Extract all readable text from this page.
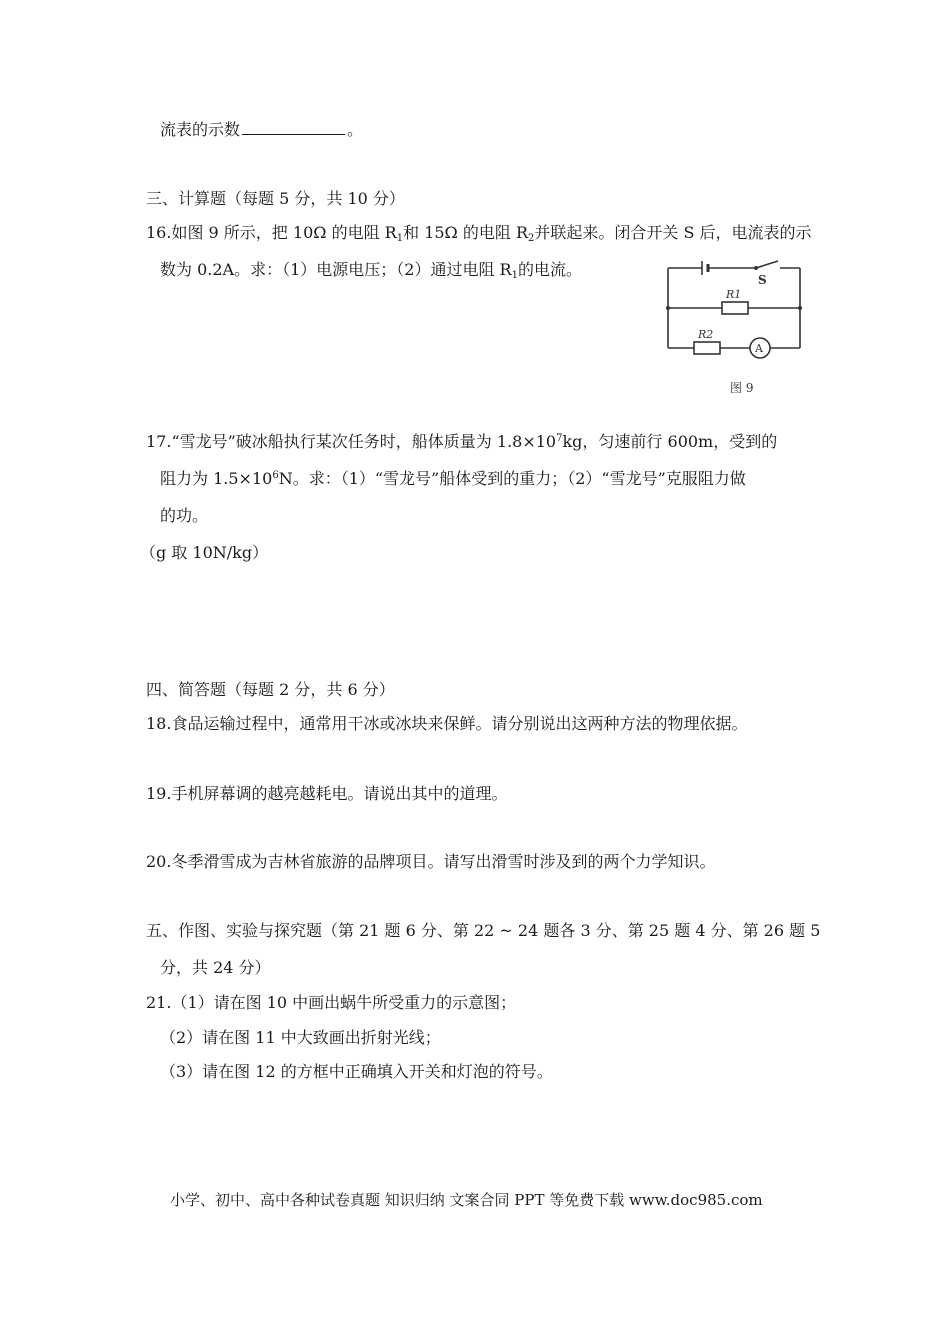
流表的示数	。
三、计算题（每题 5 分，共 10 分）
16.如图 9 所示，把 10Ω 的电阻 $R_1$和 15Ω 的电阻 $R_2$并联起来。闭合开关 S 后，电流表的示
数为 0.2A。求：（1）电源电压；（2）通过电阻 $R_1$的电流。
S
R1
R2
A
图 9
17.“雪龙号”破冰船执行某次任务时，船体质量为 $1.8\times 10^7kg$，匀速前行 600m，受到的
阻力为 $1.5\times 10^6N$。求：（1）“雪龙号”船体受到的重力；（2）“雪龙号”克服阻力做
的功。
（g 取 10N/kg）
四、简答题（每题 2 分，共 6 分）
18.食品运输过程中，通常用干冰或冰块来保鲜。请分别说出这两种方法的物理依据。
19.手机屏幕调的越亮越耗电。请说出其中的道理。
20.冬季滑雪成为吉林省旅游的品牌项目。请写出滑雪时涉及到的两个力学知识。
五、作图、实验与探究题（第 21 题 6 分、第 22 ~ 24 题各 3 分、第 25 题 4 分、第 26 题 5
分，共 24 分）
21.（1）请在图 10 中画出蜗牛所受重力的示意图；
（2）请在图 11 中大致画出折射光线；
（3）请在图 12 的方框中正确填入开关和灯泡的符号。
小学、初中、高中各种试卷真题 知识归纳 文案合同 PPT 等免费下载 www.doc985.com
